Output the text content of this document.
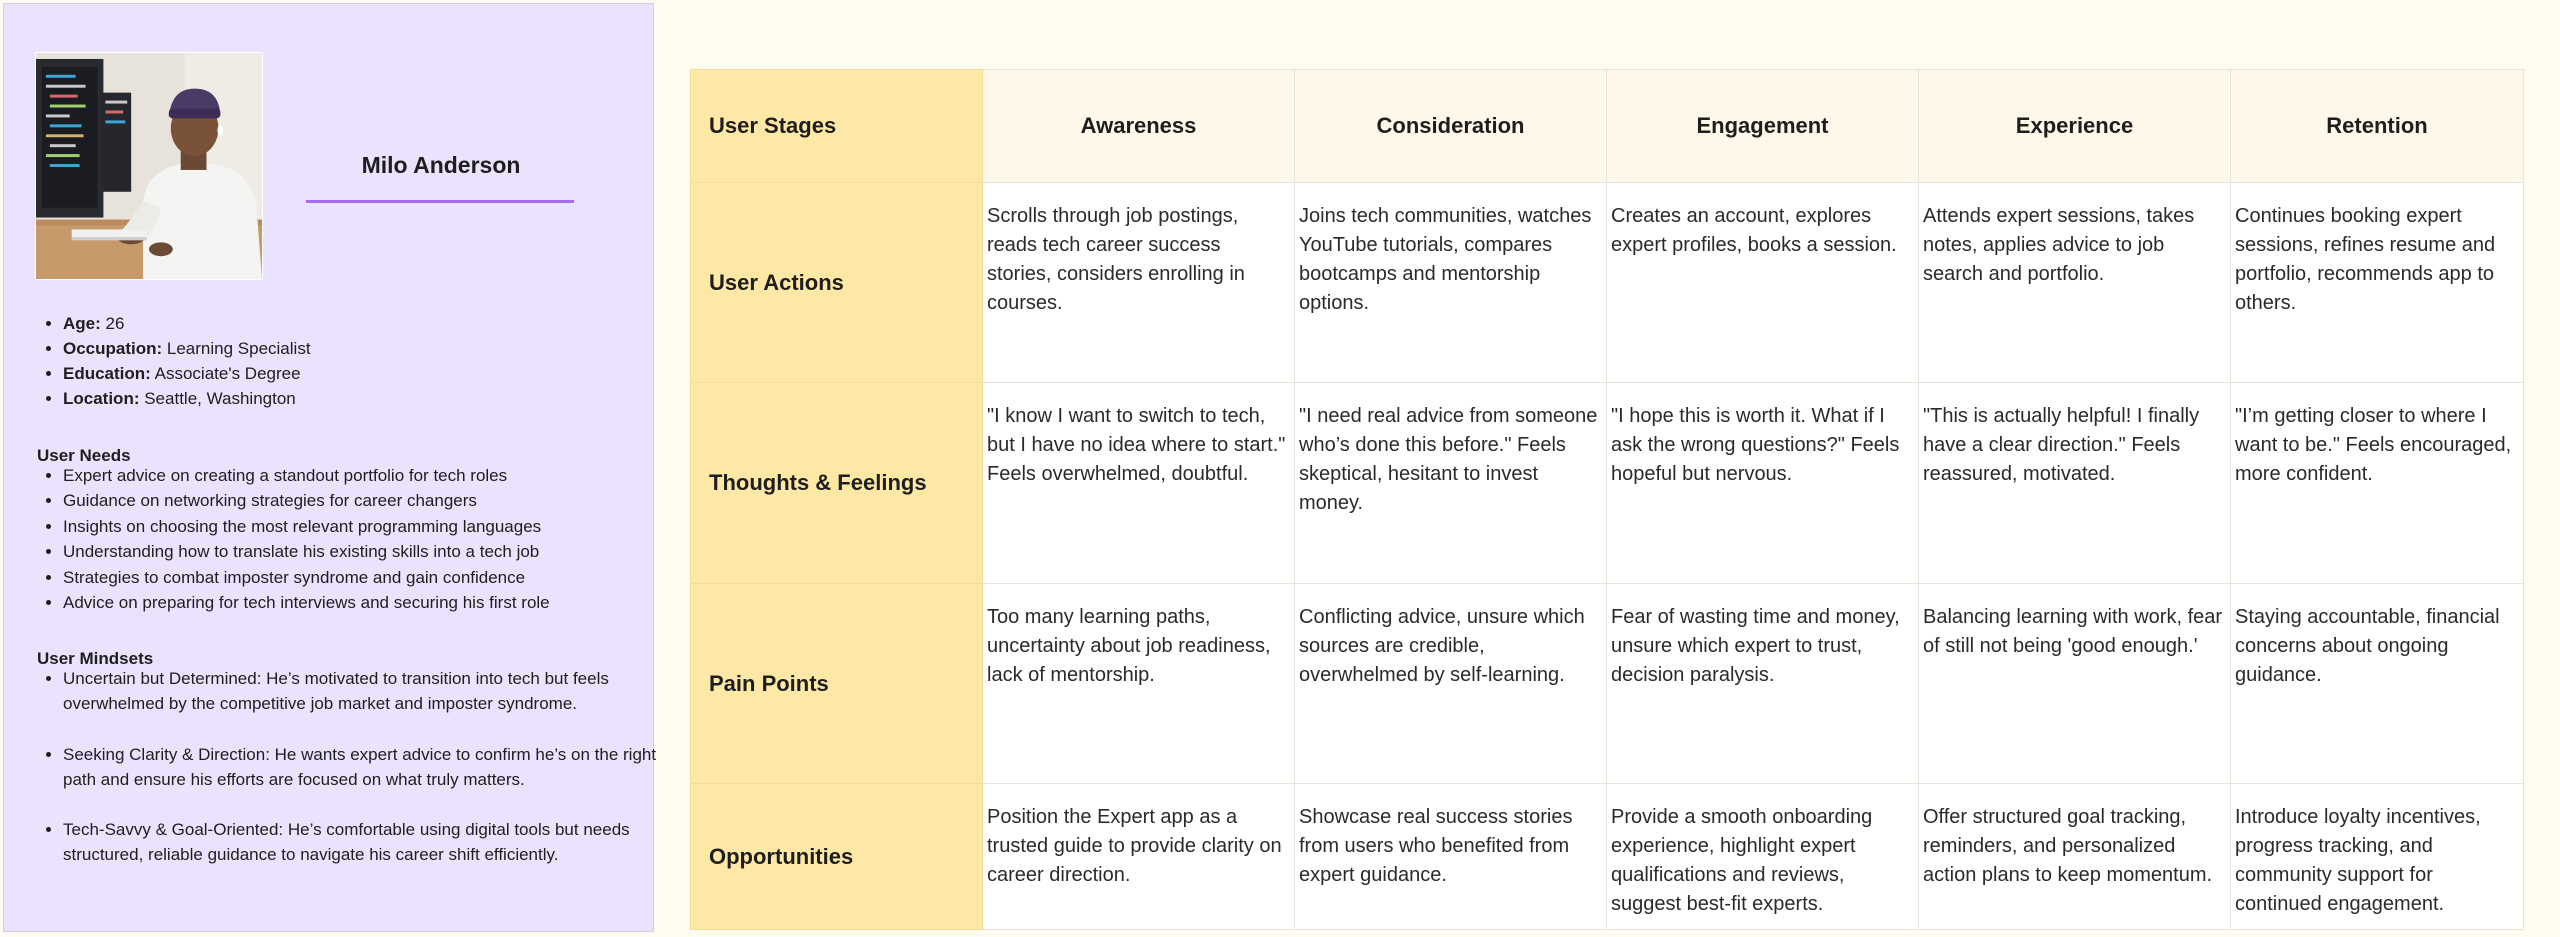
Milo Anderson
• Age: 26
• Occupation: Learning Specialist
• Education: Associate's Degree
• Location: Seattle, Washington
User Needs
• Expert advice on creating a standout portfolio for tech roles
• Guidance on networking strategies for career changers
• Insights on choosing the most relevant programming languages
• Understanding how to translate his existing skills into a tech job
• Strategies to combat imposter syndrome and gain confidence
• Advice on preparing for tech interviews and securing his first role
User Mindsets
• Uncertain but Determined: He’s motivated to transition into tech but feels overwhelmed by the competitive job market and imposter syndrome.
• Seeking Clarity & Direction: He wants expert advice to confirm he’s on the right path and ensure his efforts are focused on what truly matters.
• Tech-Savvy & Goal-Oriented: He’s comfortable using digital tools but needs structured, reliable guidance to navigate his career shift efficiently.
User Stages	Awareness	Consideration	Engagement	Experience	Retention
User Actions	Scrolls through job postings, reads tech career success stories, considers enrolling in courses.	Joins tech communities, watches YouTube tutorials, compares bootcamps and mentorship options.	Creates an account, explores expert profiles, books a session.	Attends expert sessions, takes notes, applies advice to job search and portfolio.	Continues booking expert sessions, refines resume and portfolio, recommends app to others.
Thoughts & Feelings	"I know I want to switch to tech, but I have no idea where to start." Feels overwhelmed, doubtful.	"I need real advice from someone who’s done this before." Feels skeptical, hesitant to invest money.	"I hope this is worth it. What if I ask the wrong questions?" Feels hopeful but nervous.	"This is actually helpful! I finally have a clear direction." Feels reassured, motivated.	"I’m getting closer to where I want to be." Feels encouraged, more confident.
Pain Points	Too many learning paths, uncertainty about job readiness, lack of mentorship.	Conflicting advice, unsure which sources are credible, overwhelmed by self-learning.	Fear of wasting time and money, unsure which expert to trust, decision paralysis.	Balancing learning with work, fear of still not being 'good enough.'	Staying accountable, financial concerns about ongoing guidance.
Opportunities	Position the Expert app as a trusted guide to provide clarity on career direction.	Showcase real success stories from users who benefited from expert guidance.	Provide a smooth onboarding experience, highlight expert qualifications and reviews, suggest best-fit experts.	Offer structured goal tracking, reminders, and personalized action plans to keep momentum.	Introduce loyalty incentives, progress tracking, and community support for continued engagement.
